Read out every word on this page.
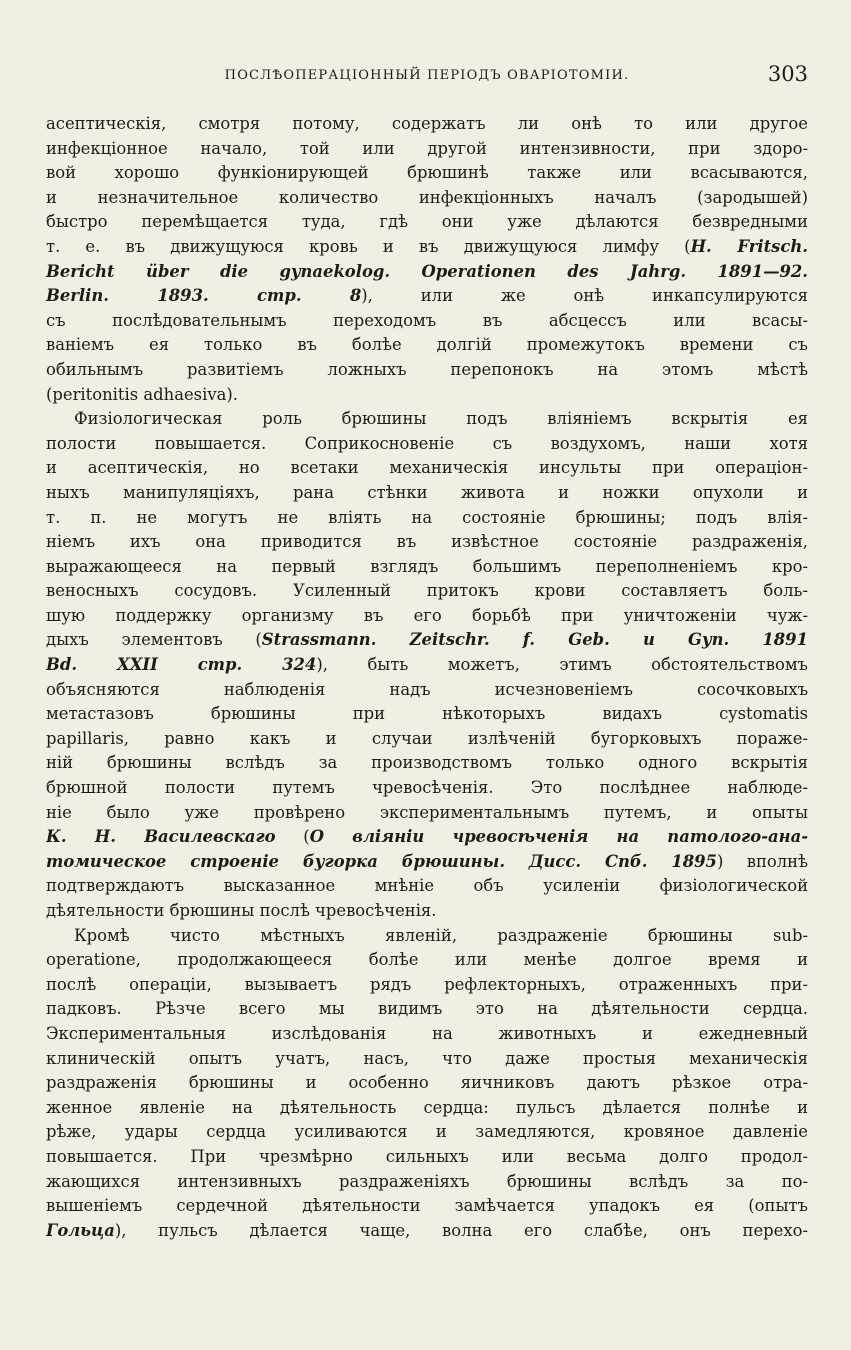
ПОСЛѢОПЕРАЦIОННЫЙ ПЕРIОДЪ ОВАРIОТОМIИ.	303
асептическiя, смотря потому, содержатъ ли онѣ то или другое
инфекцiонное начало, той или другой интензивности, при здоро-
вой хорошо функiонирующей брюшинѣ также или всасываются,
и незначительное количество инфекцiонныхъ началъ (зародышей)
быстро перемѣщается туда, гдѣ они уже дѣлаются безвредными
т. е. въ движущуюся кровь и въ движущуюся лимфу (H. Fritsch.
Bericht über die gynaekolog. Operationen des Jahrg. 1891—92.
Berlin. 1893. стр. 8), или же онѣ инкапсулируются
съ послѣдовательнымъ переходомъ въ абсцессъ или всасы-
ванiемъ ея только въ болѣе долгiй промежутокъ времени съ
обильнымъ развитiемъ ложныхъ перепонокъ на этомъ мѣстѣ
(peritonitis adhaesiva).
Физiологическая роль брюшины подъ влiянiемъ вскрытiя ея
полости повышается. Соприкосновенiе съ воздухомъ, наши хотя
и асептическiя, но всетаки механическiя инсульты при операцiон-
ныхъ манипуляцiяхъ, рана стѣнки живота и ножки опухоли и
т. п. не могутъ не влiять на состоянiе брюшины; подъ влiя-
нiемъ ихъ она приводится въ извѣстное состоянiе раздраженiя,
выражающееся на первый взглядъ большимъ переполненiемъ кро-
веносныхъ сосудовъ. Усиленный притокъ крови составляетъ боль-
шую поддержку организму въ его борьбѣ при уничтоженiи чуж-
дыхъ элементовъ (Strassmann. Zeitschr. f. Geb. и Gyn. 1891
Bd. XXII стр. 324), быть можетъ, этимъ обстоятельствомъ
объясняются наблюденiя надъ исчезновенiемъ сосочковыхъ
метастазовъ брюшины при нѣкоторыхъ видахъ cystomatis
papillaris, равно какъ и случаи излѣченiй бугорковыхъ пораже-
нiй брюшины вслѣдъ за производствомъ только одного вскрытiя
брюшной полости путемъ чревосѣченiя. Это послѣднее наблюде-
нiе было уже провѣрено экспериментальнымъ путемъ, и опыты
К. Н. Василевскаго (О влiянiи чревосѣченiя на патолого-ана-
томическое строенiе бугорка брюшины. Дисс. Спб. 1895) вполнѣ
подтверждаютъ высказанное мнѣнiе объ усиленiи физiологической
дѣятельности брюшины послѣ чревосѣченiя.
Кромѣ чисто мѣстныхъ явленiй, раздраженiе брюшины sub-
operatione, продолжающееся болѣе или менѣе долгое время и
послѣ операцiи, вызываетъ рядъ рефлекторныхъ, отраженныхъ при-
падковъ. Рѣзче всего мы видимъ это на дѣятельности сердца.
Экспериментальныя изслѣдованiя на животныхъ и ежедневный
клиническiй опытъ учатъ, насъ, что даже простыя механическiя
раздраженiя брюшины и особенно яичниковъ даютъ рѣзкое отра-
женное явленiе на дѣятельность сердца: пульсъ дѣлается полнѣе и
рѣже, удары сердца усиливаются и замедляются, кровяное давленiе
повышается. При чрезмѣрно сильныхъ или весьма долго продол-
жающихся интензивныхъ раздраженiяхъ брюшины вслѣдъ за по-
вышенiемъ сердечной дѣятельности замѣчается упадокъ ея (опытъ
Гольца), пульсъ дѣлается чаще, волна его слабѣе, онъ перехо-
